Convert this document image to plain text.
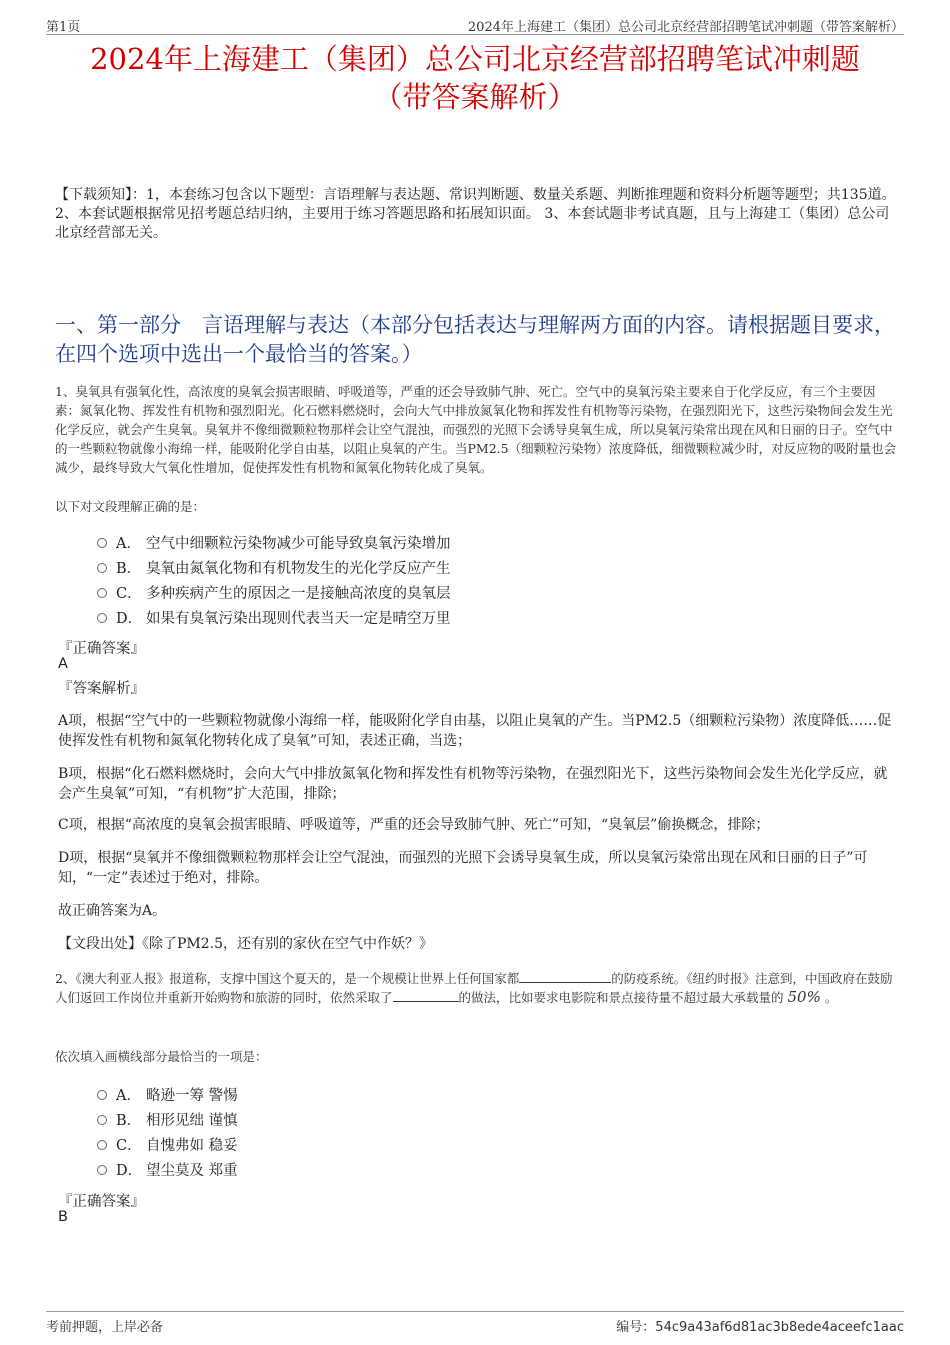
第1页	2024年上海建工（集团）总公司北京经营部招聘笔试冲刺题（带答案解析）
2024年上海建工（集团）总公司北京经营部招聘笔试冲刺题
（带答案解析）
【下载须知】：1，本套练习包含以下题型：言语理解与表达题、常识判断题、数量关系题、判断推理题和资料分析题等题型；共135道。 2、本套试题根据常见招考题总结归纳，主要用于练习答题思路和拓展知识面。 3、本套试题非考试真题，且与上海建工（集团）总公司北京经营部无关。
一、第一部分　言语理解与表达（本部分包括表达与理解两方面的内容。请根据题目要求，在四个选项中选出一个最恰当的答案。）
1、臭氧具有强氧化性，高浓度的臭氧会损害眼睛、呼吸道等，严重的还会导致肺气肿、死亡。空气中的臭氧污染主要来自于化学反应，有三个主要因素：氮氧化物、挥发性有机物和强烈阳光。化石燃料燃烧时，会向大气中排放氮氧化物和挥发性有机物等污染物，在强烈阳光下，这些污染物间会发生光化学反应，就会产生臭氧。臭氧并不像细微颗粒物那样会让空气混浊，而强烈的光照下会诱导臭氧生成，所以臭氧污染常出现在风和日丽的日子。空气中的一些颗粒物就像小海绵一样，能吸附化学自由基，以阻止臭氧的产生。当PM2.5（细颗粒污染物）浓度降低，细微颗粒减少时，对反应物的吸附量也会减少，最终导致大气氧化性增加，促使挥发性有机物和氮氧化物转化成了臭氧。
以下对文段理解正确的是：
A． 空气中细颗粒污染物减少可能导致臭氧污染增加
B． 臭氧由氮氧化物和有机物发生的光化学反应产生
C． 多种疾病产生的原因之一是接触高浓度的臭氧层
D． 如果有臭氧污染出现则代表当天一定是晴空万里
『正确答案』
A
『答案解析』
A项，根据“空气中的一些颗粒物就像小海绵一样，能吸附化学自由基，以阻止臭氧的产生。当PM2.5（细颗粒污染物）浓度降低……促使挥发性有机物和氮氧化物转化成了臭氧”可知，表述正确，当选；
B项，根据“化石燃料燃烧时，会向大气中排放氮氧化物和挥发性有机物等污染物，在强烈阳光下，这些污染物间会发生光化学反应，就会产生臭氧”可知，“有机物”扩大范围，排除；
C项，根据“高浓度的臭氧会损害眼睛、呼吸道等，严重的还会导致肺气肿、死亡”可知，“臭氧层”偷换概念，排除；
D项，根据“臭氧并不像细微颗粒物那样会让空气混浊，而强烈的光照下会诱导臭氧生成，所以臭氧污染常出现在风和日丽的日子”可知，“一定”表述过于绝对，排除。
故正确答案为A。
【文段出处】《除了PM2.5，还有别的家伙在空气中作妖？》
2、《澳大利亚人报》报道称，支撑中国这个夏天的，是一个规模让世界上任何国家都	的防疫系统。《纽约时报》注意到，中国政府在鼓励人们返回工作岗位并重新开始购物和旅游的同时，依然采取了	的做法，比如要求电影院和景点接待量不超过最大承载量的 50% 。
依次填入画横线部分最恰当的一项是：
A． 略逊一筹 警惕
B． 相形见绌 谨慎
C． 自愧弗如 稳妥
D． 望尘莫及 郑重
『正确答案』
B
考前押题，上岸必备	编号：54c9a43af6d81ac3b8ede4aceefc1aac
